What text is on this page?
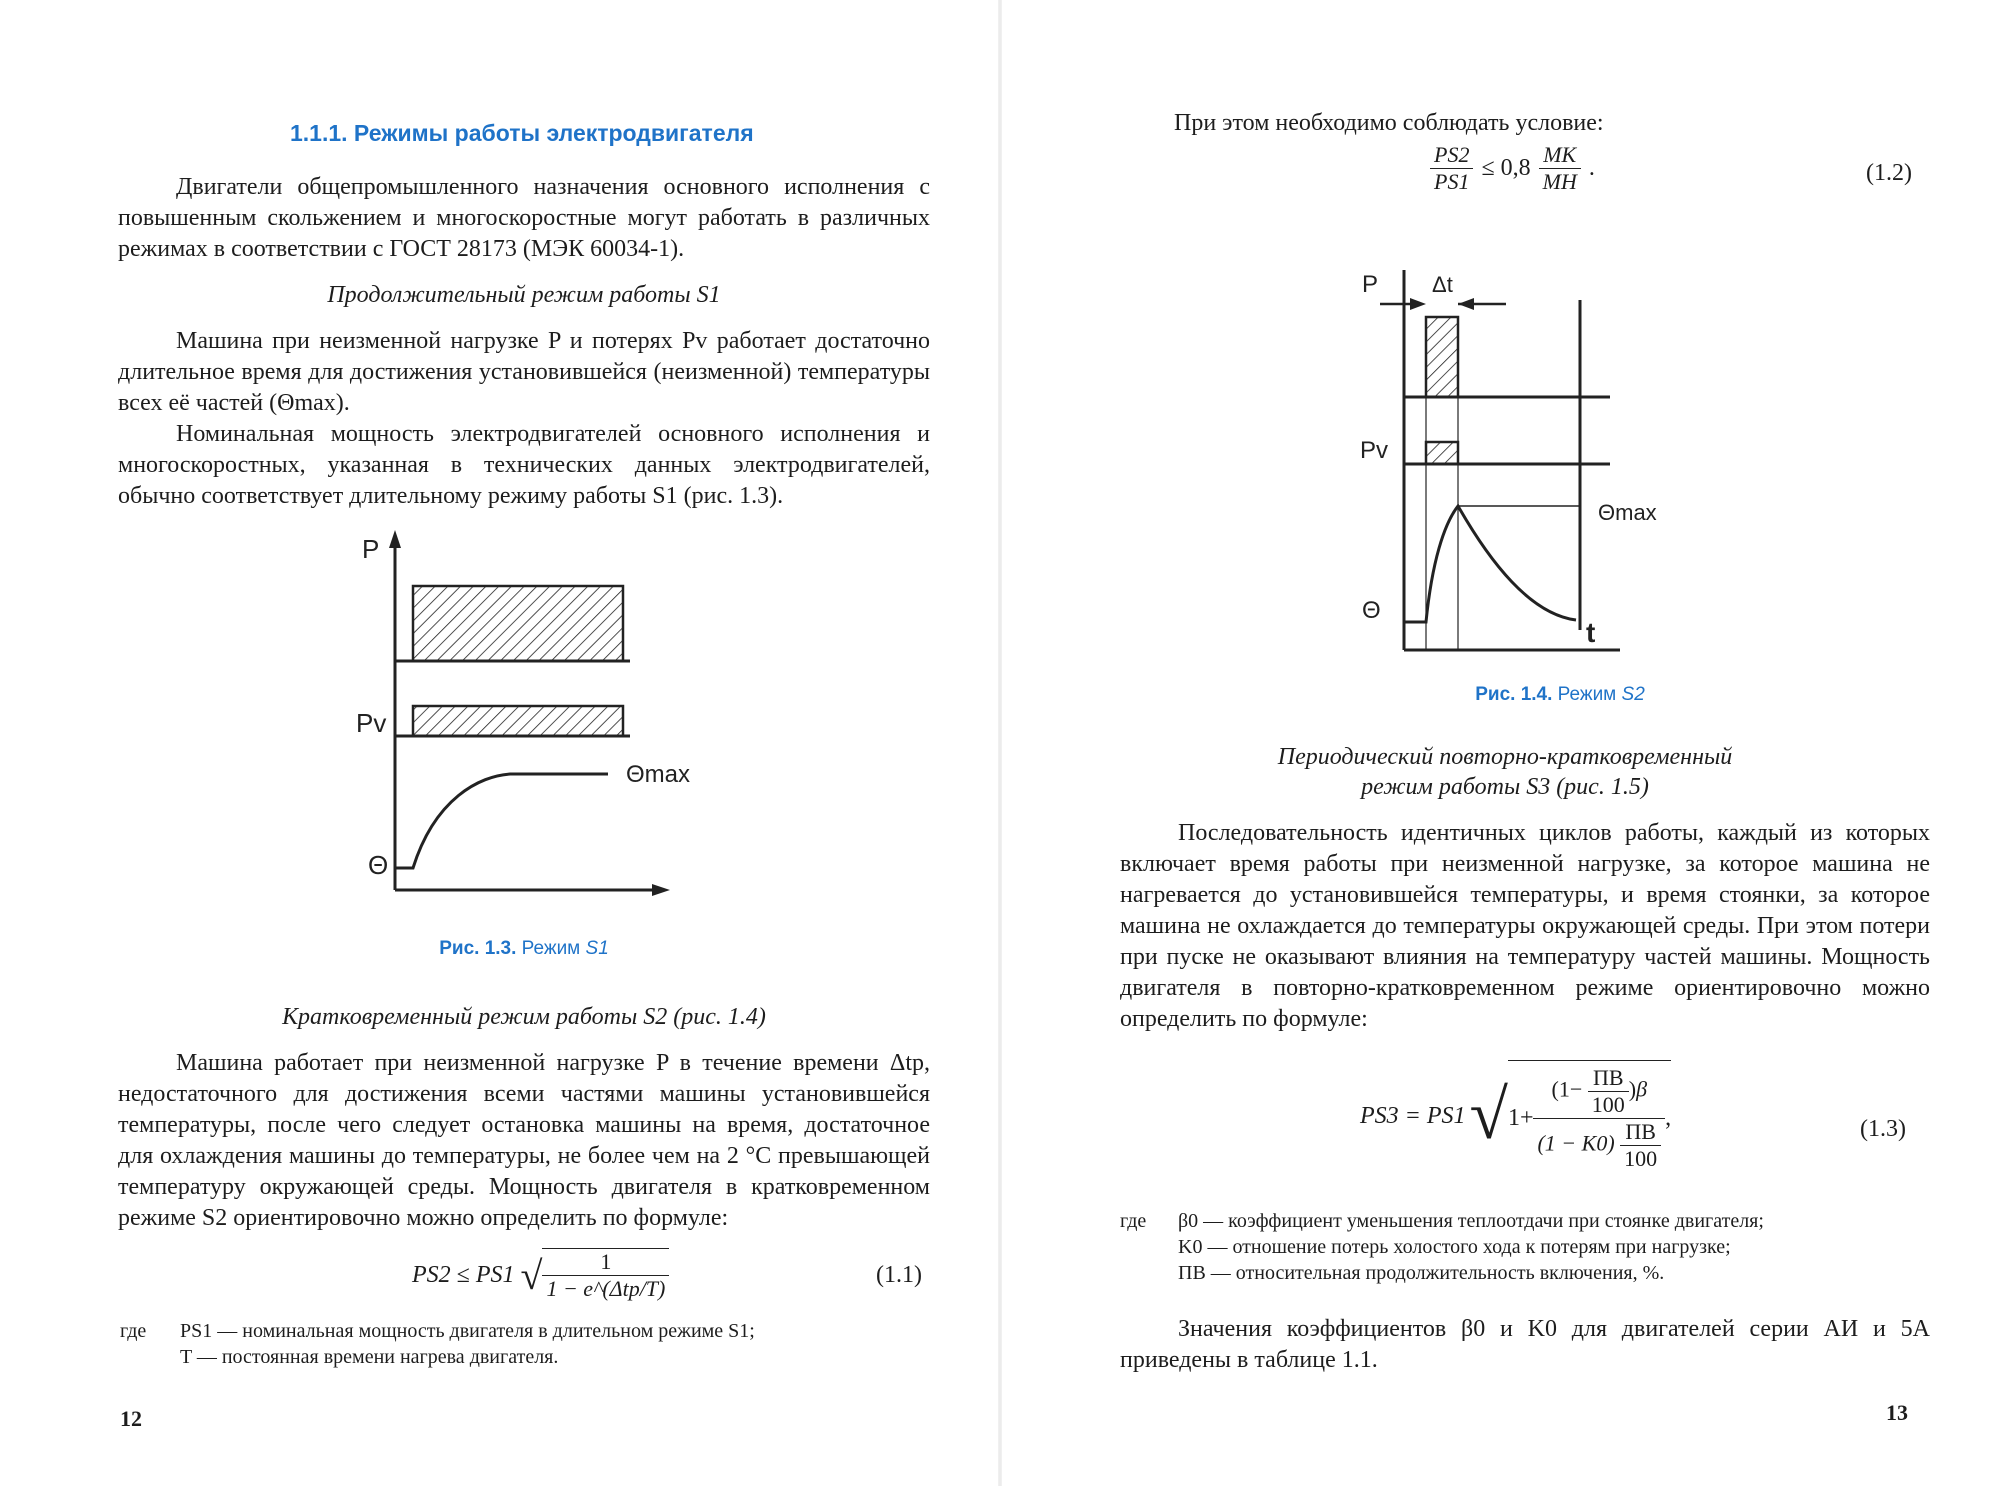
1.1.1. Режимы работы электродвигателя

Двигатели общепромышленного назначения основного исполнения с повышенным скольжением и многоскоростные могут работать в различных режимах в соответствии с ГОСТ 28173 (МЭК 60034-1).

Продолжительный режим работы S1

Машина при неизменной нагрузке P и потерях Pv работает достаточно длительное время для достижения установившейся (неизменной) температуры всех её частей (Θmax).

Номинальная мощность электродвигателей основного исполнения и многоскоростных, указанная в технических данных электродвигателей, обычно соответствует длительному режиму работы S1 (рис. 1.3).

P
Pv
Θ
Θmax
Рис. 1.3. Режим S1
Кратковременный режим работы S2 (рис. 1.4)

Машина работает при неизменной нагрузке P в течение времени Δtp, недостаточного для достижения всеми частями машины установившейся температуры, после чего следует остановка машины на время, достаточное для охлаждения машины до температуры, не более чем на 2 °C превышающей температуру окружающей среды. Мощность двигателя в кратковременном режиме S2 ориентировочно можно определить по формуле:

PS2 ≤ PS1 √ $\frac{1}{\text{1 − e\textasciicircum{}(Δtp/T)}}$	(1.1)
где PS1 — номинальная мощность двигателя в длительном режиме S1;
T — постоянная времени нагрева двигателя.
12
При этом необходимо соблюдать условие:
$\frac{PS2}{PS1} \le 0,8 \frac{MK}{MH}$ .	(1.2)
P Δt
Pv
Θ
Θmax
t
Рис. 1.4. Режим S2
Периодический повторно-кратковременный
режим работы S3 (рис. 1.5)

Последовательность идентичных циклов работы, каждый из которых включает время работы при неизменной нагрузке, за которое машина не нагревается до установившейся температуры, и время стоянки, за которое машина не охлаждается до температуры окружающей среды. При этом потери при пуске не оказывают влияния на температуру частей машины. Мощность двигателя в повторно-кратковременном режиме ориентировочно можно определить по формуле:

PS3 = PS1 √ $1+ \frac{(1- \frac{ПВ}{100} )\beta}{(1 - K0) \frac{ПВ}{100}}$ ,	(1.3)
где β0 — коэффициент уменьшения теплоотдачи при стоянке двигателя;
K0 — отношение потерь холостого хода к потерям при нагрузке;
ПВ — относительная продолжительность включения, %.

Значения коэффициентов β0 и K0 для двигателей серии АИ и 5А приведены в таблице 1.1.

13
